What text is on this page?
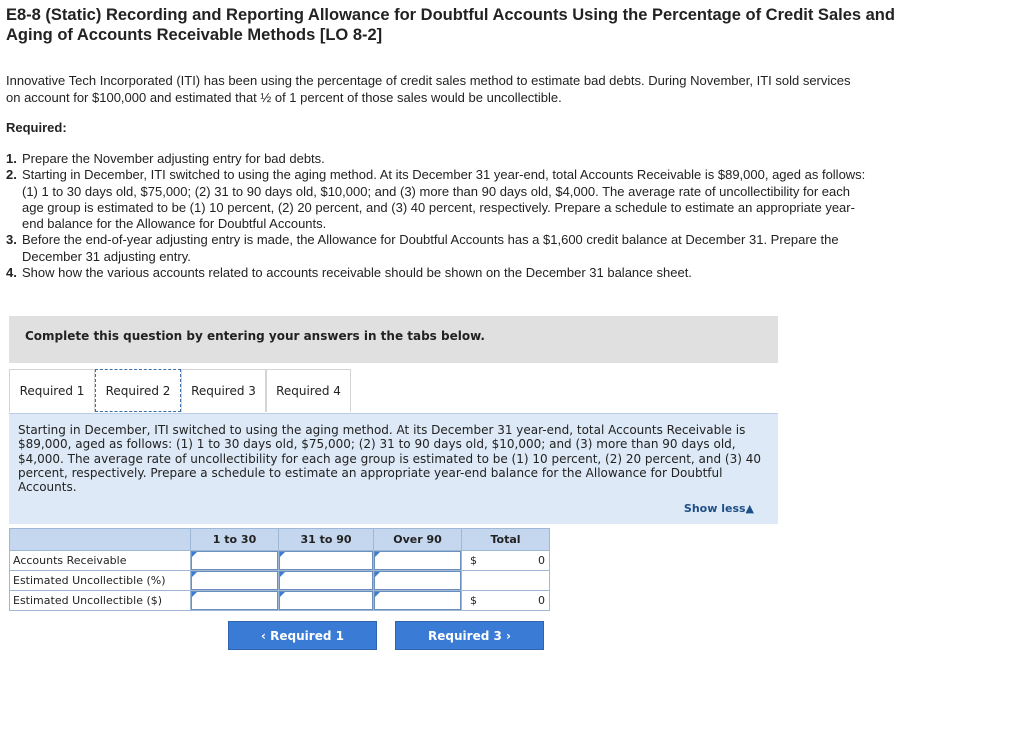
E8-8 (Static) Recording and Reporting Allowance for Doubtful Accounts Using the Percentage of Credit Sales and Aging of Accounts Receivable Methods [LO 8-2]

Innovative Tech Incorporated (ITI) has been using the percentage of credit sales method to estimate bad debts. During November, ITI sold services on account for $100,000 and estimated that ½ of 1 percent of those sales would be uncollectible.

Required:

1. Prepare the November adjusting entry for bad debts.
2. Starting in December, ITI switched to using the aging method. At its December 31 year-end, total Accounts Receivable is $89,000, aged as follows: (1) 1 to 30 days old, $75,000; (2) 31 to 90 days old, $10,000; and (3) more than 90 days old, $4,000. The average rate of uncollectibility for each age group is estimated to be (1) 10 percent, (2) 20 percent, and (3) 40 percent, respectively. Prepare a schedule to estimate an appropriate year-end balance for the Allowance for Doubtful Accounts.
3. Before the end-of-year adjusting entry is made, the Allowance for Doubtful Accounts has a $1,600 credit balance at December 31. Prepare the December 31 adjusting entry.
4. Show how the various accounts related to accounts receivable should be shown on the December 31 balance sheet.
Complete this question by entering your answers in the tabs below.
Required 1	Required 2	Required 3	Required 4

Starting in December, ITI switched to using the aging method. At its December 31 year-end, total Accounts Receivable is $89,000, aged as follows: (1) 1 to 30 days old, $75,000; (2) 31 to 90 days old, $10,000; and (3) more than 90 days old, $4,000. The average rate of uncollectibility for each age group is estimated to be (1) 10 percent, (2) 20 percent, and (3) 40 percent, respectively. Prepare a schedule to estimate an appropriate year-end balance for the Allowance for Doubtful Accounts.

Show less▲
	1 to 30	31 to 90	Over 90	Total
Accounts Receivable				$ 0

Estimated Uncollectible (%)	

Estimated Uncollectible ($)				$ 0
‹ Required 1	Required 3 ›
